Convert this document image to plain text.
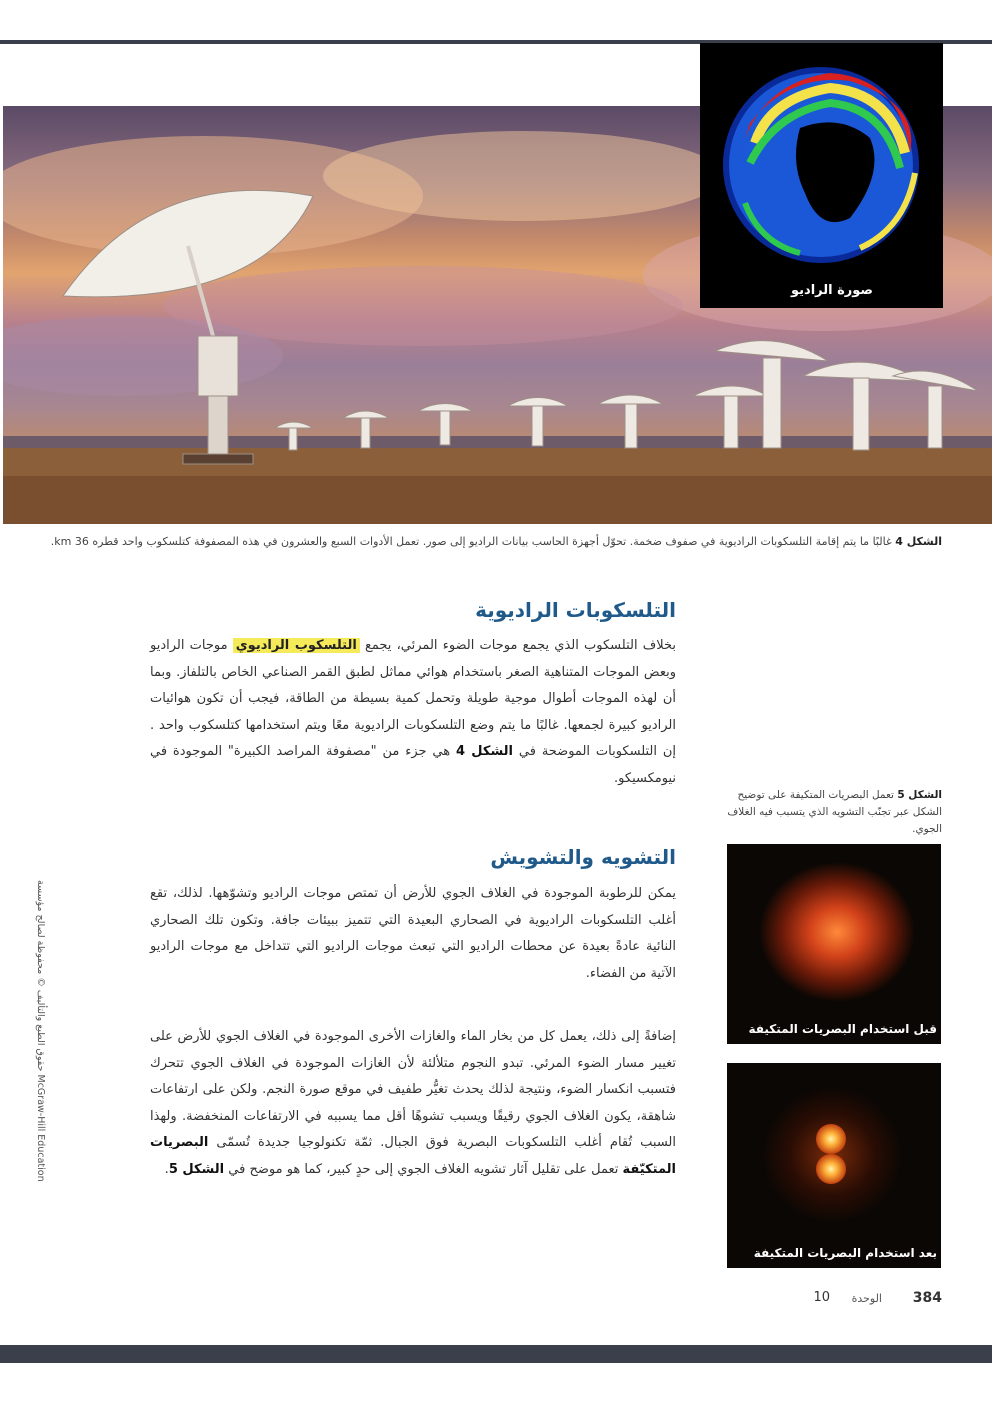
صورة الراديو
الشكل 4 غالبًا ما يتم إقامة التلسكوبات الراديوية في صفوف ضخمة. تحوّل أجهزة الحاسب بيانات الراديو إلى صور. تعمل الأدوات السبع والعشرون في هذه المصفوفة كتلسكوب واحد قطره 36 km.
التلسكوبات الراديوية
بخلاف التلسكوب الذي يجمع موجات الضوء المرئي، يجمع التلسكوب الراديوي موجات الراديو وبعض الموجات المتناهية الصغر باستخدام هوائي مماثل لطبق القمر الصناعي الخاص بالتلفاز. وبما أن لهذه الموجات أطوال موجية طويلة وتحمل كمية بسيطة من الطاقة، فيجب أن تكون هوائيات الراديو كبيرة لجمعها. غالبًا ما يتم وضع التلسكوبات الراديوية معًا ويتم استخدامها كتلسكوب واحد . إن التلسكوبات الموضحة في الشكل 4 هي جزء من "مصفوفة المراصد الكبيرة" الموجودة في نيومكسيكو.
التشويه والتشويش
يمكن للرطوبة الموجودة في الغلاف الجوي للأرض أن تمتص موجات الراديو وتشوّهها. لذلك، تقع أغلب التلسكوبات الراديوية في الصحاري البعيدة التي تتميز ببيئات جافة. وتكون تلك الصحاري النائية عادةً بعيدة عن محطات الراديو التي تبعث موجات الراديو التي تتداخل مع موجات الراديو الآتية من الفضاء.
إضافةً إلى ذلك، يعمل كل من بخار الماء والغازات الأخرى الموجودة في الغلاف الجوي للأرض على تغيير مسار الضوء المرئي. تبدو النجوم متلألئة لأن الغازات الموجودة في الغلاف الجوي تتحرك فتسبب انكسار الضوء، ونتيجة لذلك يحدث تغيُّر طفيف في موقع صورة النجم. ولكن على ارتفاعات شاهقة، يكون الغلاف الجوي رقيقًا ويسبب تشوهًا أقل مما يسببه في الارتفاعات المنخفضة. ولهذا السبب تُقام أغلب التلسكوبات البصرية فوق الجبال. ثمّة تكنولوجيا جديدة تُسمّى البصريات المتكيّفة تعمل على تقليل آثار تشويه الغلاف الجوي إلى حدٍ كبير، كما هو موضح في الشكل 5.
الشكل 5 تعمل البصريات المتكيفة على توضيح الشكل عبر تجنّب التشويه الذي يتسبب فيه الغلاف الجوي.
قبل استخدام البصريات المتكيفة
بعد استخدام البصريات المتكيفة
حقوق الطبع والتأليف © محفوظة لصالح مؤسسة McGraw-Hill Education
384
الوحدة
10
